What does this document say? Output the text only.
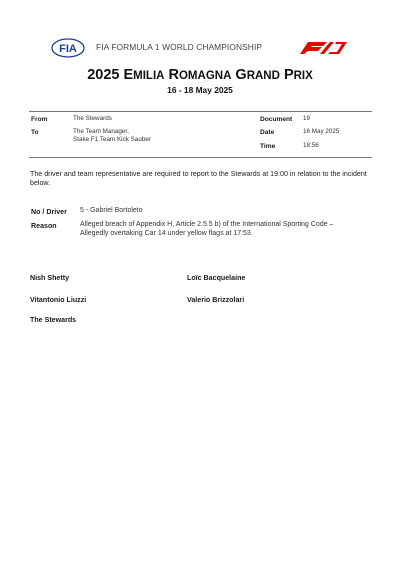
FIA FIA FORMULA 1 WORLD CHAMPIONSHIP
2025 EMILIA ROMAGNA GRAND PRIX
16 - 18 May 2025
From	The Stewards
To	The Team Manager,
Stake F1 Team Kick Sauber
Document 19
Date	16 May 2025
Time	18:56
The driver and team representative are required to report to the Stewards at 19:00 in relation to the incident below.
No / Driver 5 - Gabriel Bortoleto
Reason	Alleged breach of Appendix H, Article 2.5.5 b) of the International Sporting Code –
Allegedly overtaking Car 14 under yellow flags at 17:53.
Nish Shetty	Loïc Bacquelaine
Vitantonio Liuzzi	Valerio Brizzolari
The Stewards
